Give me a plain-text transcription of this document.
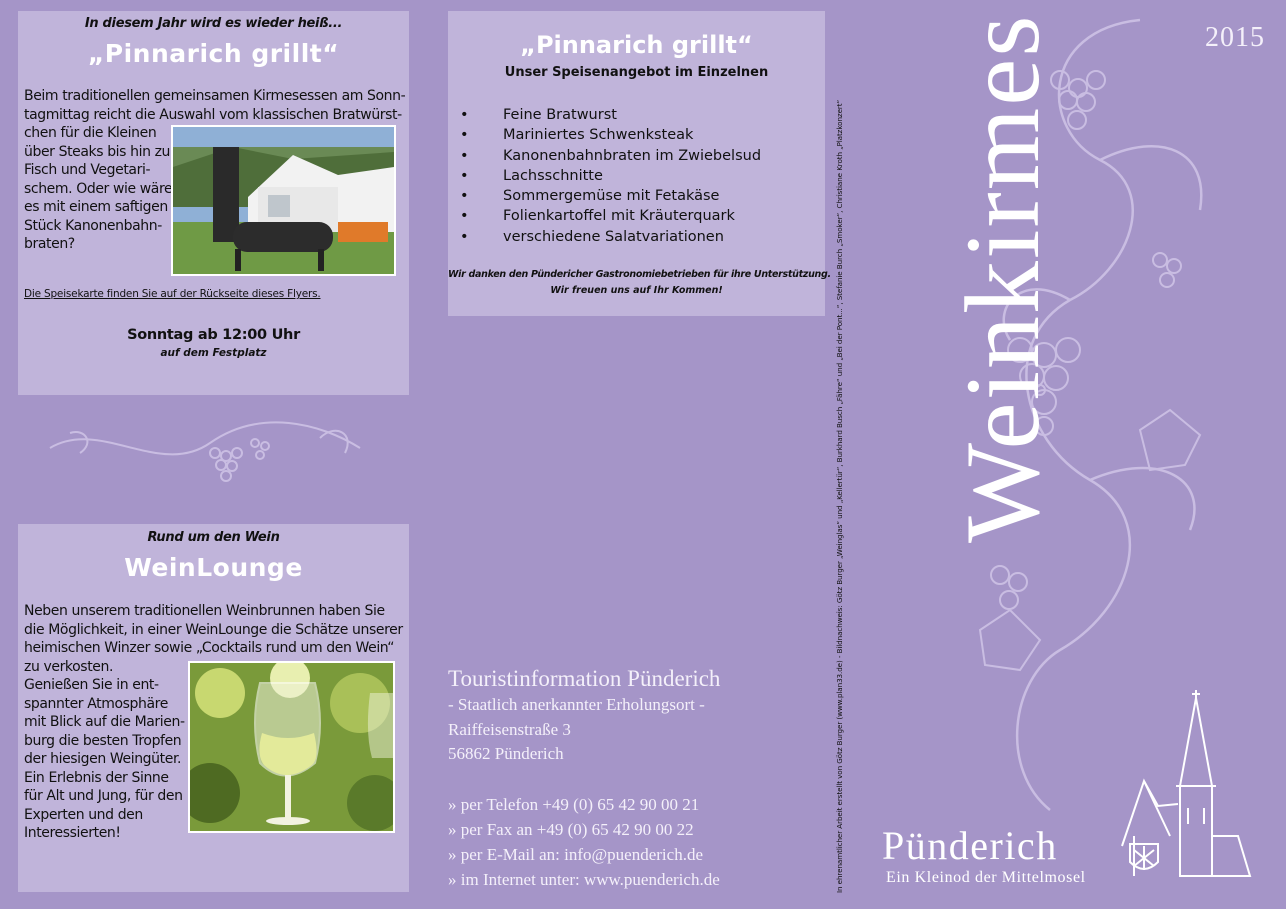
In diesem Jahr wird es wieder heiß...
„Pinnarich grillt“
Beim traditionellen gemeinsamen Kirmesessen am Sonn-
tagmittag reicht die Auswahl vom klassischen Bratwürst-
chen für die Kleinen
über Steaks bis hin zu
Fisch und Vegetari-
schem. Oder wie wäre
es mit einem saftigen
Stück Kanonenbahn-
braten?
Die Speisekarte finden Sie auf der Rückseite dieses Flyers.
Sonntag ab 12:00 Uhr
auf dem Festplatz
Rund um den Wein
WeinLounge
Neben unserem traditionellen Weinbrunnen haben Sie
die Möglichkeit, in einer WeinLounge die Schätze unserer
heimischen Winzer sowie „Cocktails rund um den Wein“
zu verkosten.
Genießen Sie in ent-
spannter Atmosphäre
mit Blick auf die Marien-
burg die besten Tropfen
der hiesigen Weingüter.
Ein Erlebnis der Sinne
für Alt und Jung, für den
Experten und den
Interessierten!
„Pinnarich grillt“
Unser Speisenangebot im Einzelnen
• Feine Bratwurst
• Mariniertes Schwenksteak
• Kanonenbahnbraten im Zwiebelsud
• Lachsschnitte
• Sommergemüse mit Fetakäse
• Folienkartoffel mit Kräuterquark
• verschiedene Salatvariationen
Wir danken den Pündericher Gastronomiebetrieben für ihre Unterstützung.
Wir freuen uns auf Ihr Kommen!
Touristinformation Pünderich
- Staatlich anerkannter Erholungsort -
Raiffeisenstraße 3
56862 Pünderich
» per Telefon +49 (0) 65 42 90 00 21
» per Fax an +49 (0) 65 42 90 00 22
» per E-Mail an: info@puenderich.de
» im Internet unter: www.puenderich.de	In ehrenamtlicher Arbeit erstellt von Götz Burger (www.plan33.de) - Bildnachweis: Götz Burger „Weinglas“ und „Kellertür“, Burkhard Busch „Fähre“ und „Bei der Pont...“, Stefanie Burch „Smoker“, Christiane Kroth „Platzkonzert“
2015
Weinkirmes
Pünderich
Ein Kleinod der Mittelmosel
